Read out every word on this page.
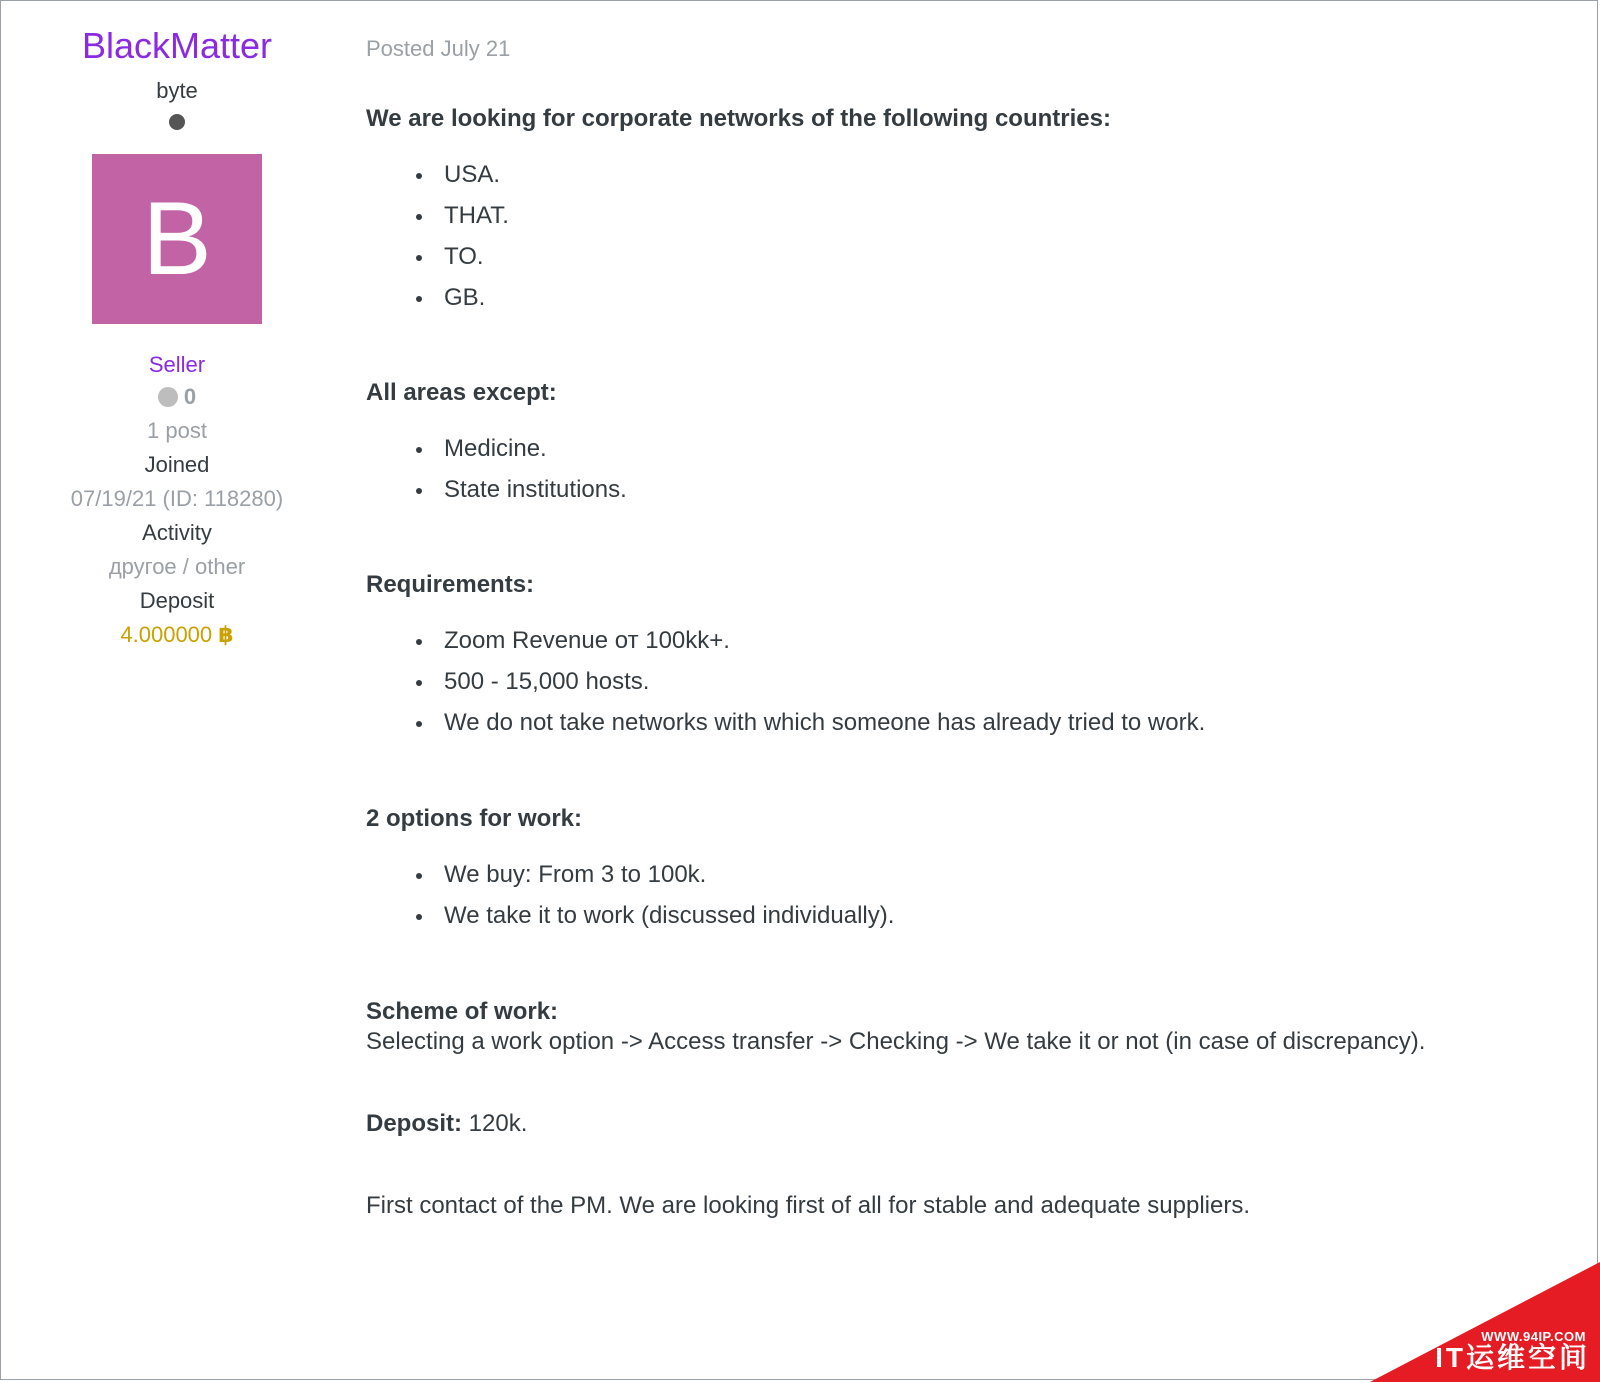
BlackMatter
byte
B
Seller
0
1 post
Joined
07/19/21 (ID: 118280)
Activity
другое / other
Deposit
4.000000 ฿
Posted July 21
We are looking for corporate networks of the following countries:
USA.
THAT.
TO.
GB.
All areas except:
Medicine.
State institutions.
Requirements:
Zoom Revenue от 100kk+.
500 - 15,000 hosts.
We do not take networks with which someone has already tried to work.
2 options for work:
We buy: From 3 to 100k.
We take it to work (discussed individually).
Scheme of work:

Selecting a work option -> Access transfer -> Checking -> We take it or not (in case of discrepancy).

Deposit: 120k.

First contact of the PM. We are looking first of all for stable and adequate suppliers.

WWW.94IP.COM
IT运维空间
